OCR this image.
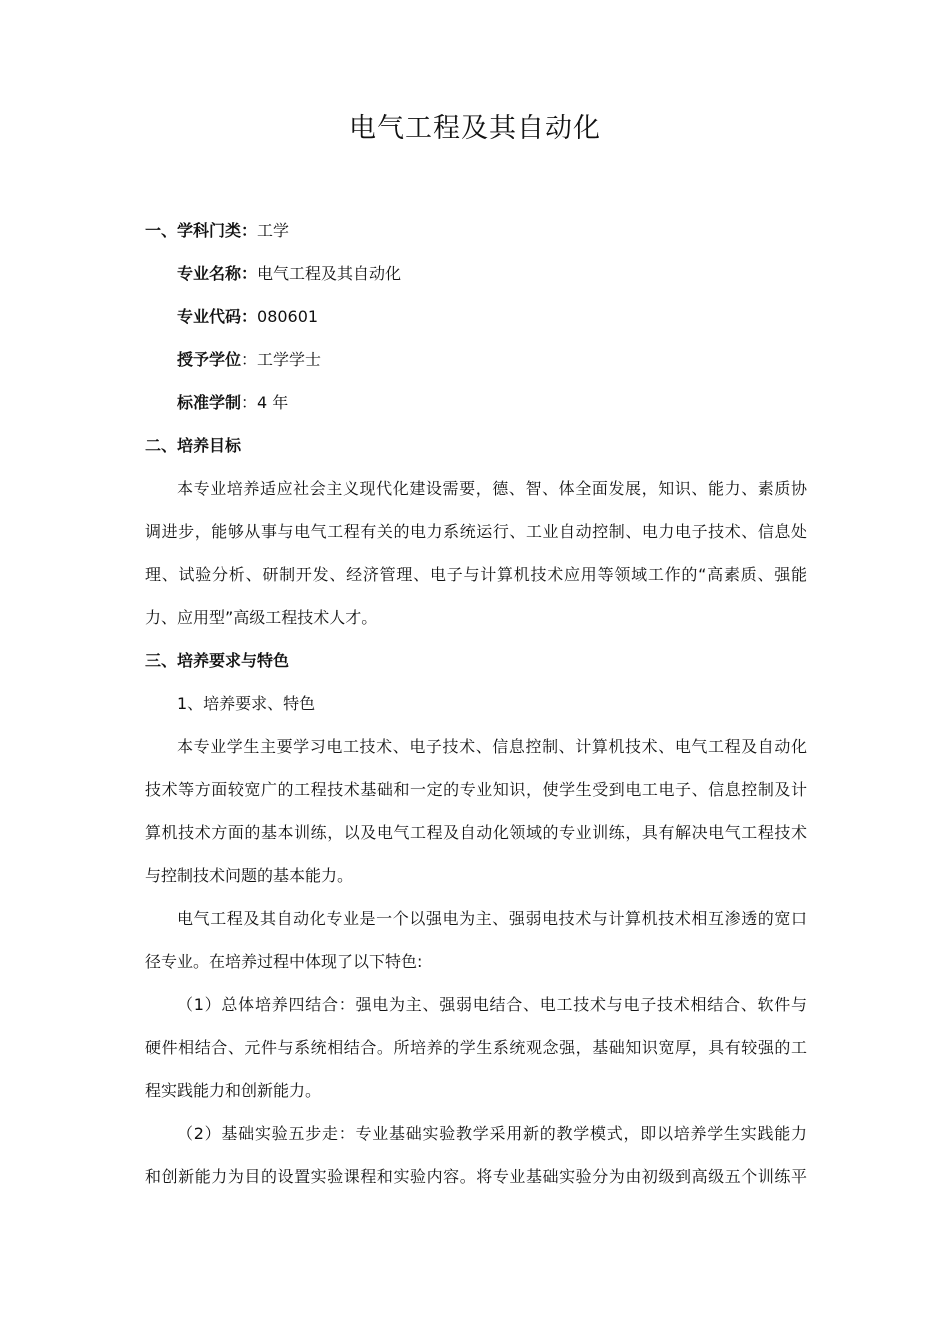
电气工程及其自动化

一、学科门类：工学

专业名称：电气工程及其自动化

专业代码：080601

授予学位：工学学士

标准学制：4 年

二、培养目标

本专业培养适应社会主义现代化建设需要，德、智、体全面发展，知识、能力、素质协
调进步，能够从事与电气工程有关的电力系统运行、工业自动控制、电力电子技术、信息处
理、试验分析、研制开发、经济管理、电子与计算机技术应用等领域工作的“高素质、强能
力、应用型”高级工程技术人才。

三、培养要求与特色

1、培养要求、特色

本专业学生主要学习电工技术、电子技术、信息控制、计算机技术、电气工程及自动化
技术等方面较宽广的工程技术基础和一定的专业知识，使学生受到电工电子、信息控制及计
算机技术方面的基本训练，以及电气工程及自动化领域的专业训练，具有解决电气工程技术
与控制技术问题的基本能力。
电气工程及其自动化专业是一个以强电为主、强弱电技术与计算机技术相互渗透的宽口
径专业。在培养过程中体现了以下特色:
（1）总体培养四结合：强电为主、强弱电结合、电工技术与电子技术相结合、软件与
硬件相结合、元件与系统相结合。所培养的学生系统观念强，基础知识宽厚，具有较强的工
程实践能力和创新能力。
（2）基础实验五步走：专业基础实验教学采用新的教学模式，即以培养学生实践能力
和创新能力为目的设置实验课程和实验内容。将专业基础实验分为由初级到高级五个训练平
